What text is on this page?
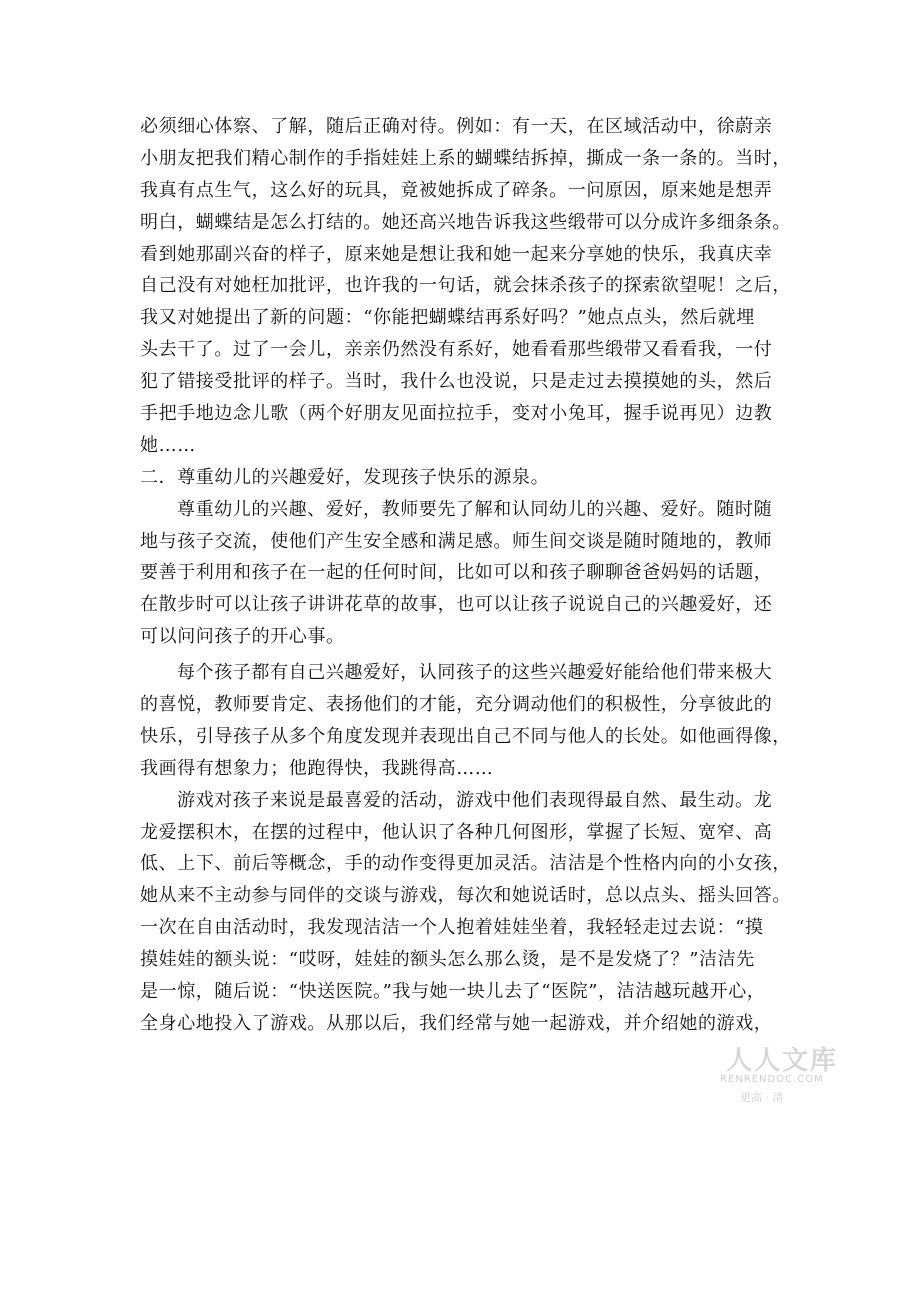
必须细心体察、了解，随后正确对待。例如：有一天，在区域活动中，徐蔚亲
小朋友把我们精心制作的手指娃娃上系的蝴蝶结拆掉，撕成一条一条的。当时，
我真有点生气，这么好的玩具，竟被她拆成了碎条。一问原因，原来她是想弄
明白，蝴蝶结是怎么打结的。她还高兴地告诉我这些缎带可以分成许多细条条。
看到她那副兴奋的样子，原来她是想让我和她一起来分享她的快乐，我真庆幸
自己没有对她枉加批评，也许我的一句话，就会抹杀孩子的探索欲望呢！之后，
我又对她提出了新的问题：“你能把蝴蝶结再系好吗？”她点点头，然后就埋
头去干了。过了一会儿，亲亲仍然没有系好，她看看那些缎带又看看我，一付
犯了错接受批评的样子。当时，我什么也没说，只是走过去摸摸她的头，然后
手把手地边念儿歌（两个好朋友见面拉拉手，变对小兔耳，握手说再见）边教
她……
二．尊重幼儿的兴趣爱好，发现孩子快乐的源泉。
尊重幼儿的兴趣、爱好，教师要先了解和认同幼儿的兴趣、爱好。随时随
地与孩子交流，使他们产生安全感和满足感。师生间交谈是随时随地的，教师
要善于利用和孩子在一起的任何时间，比如可以和孩子聊聊爸爸妈妈的话题，
在散步时可以让孩子讲讲花草的故事，也可以让孩子说说自己的兴趣爱好，还
可以问问孩子的开心事。
每个孩子都有自己兴趣爱好，认同孩子的这些兴趣爱好能给他们带来极大
的喜悦，教师要肯定、表扬他们的才能，充分调动他们的积极性，分享彼此的
快乐，引导孩子从多个角度发现并表现出自己不同与他人的长处。如他画得像，
我画得有想象力；他跑得快，我跳得高……
游戏对孩子来说是最喜爱的活动，游戏中他们表现得最自然、最生动。龙
龙爱摆积木，在摆的过程中，他认识了各种几何图形，掌握了长短、宽窄、高
低、上下、前后等概念，手的动作变得更加灵活。洁洁是个性格内向的小女孩，
她从来不主动参与同伴的交谈与游戏，每次和她说话时，总以点头、摇头回答。
一次在自由活动时，我发现洁洁一个人抱着娃娃坐着，我轻轻走过去说：“摸
摸娃娃的额头说：“哎呀，娃娃的额头怎么那么烫，是不是发烧了？”洁洁先
是一惊，随后说：“快送医院。”我与她一块儿去了“医院”，洁洁越玩越开心，
全身心地投入了游戏。从那以后，我们经常与她一起游戏，并介绍她的游戏，
人人文库
RENRENDOC.COM
更高 · 清
